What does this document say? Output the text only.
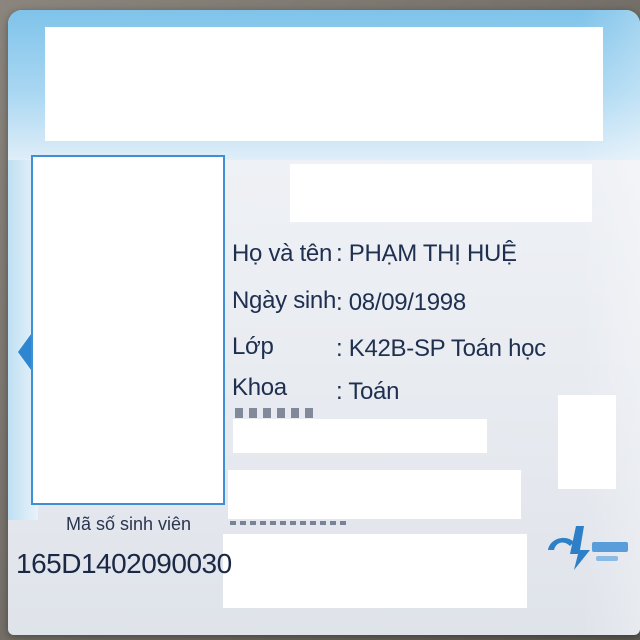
Họ và tên : PHẠM THỊ HUỆ
Ngày sinh : 08/09/1998
Lớp	: K42B-SP Toán học
Khoa : Toán
Mã số sinh viên
165D1402090030
